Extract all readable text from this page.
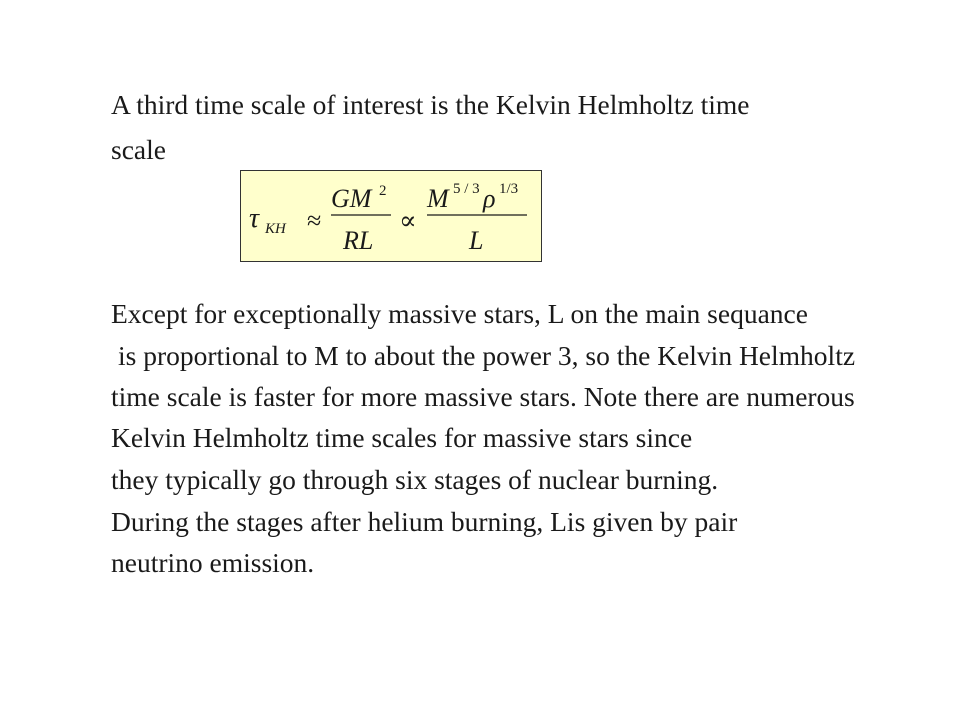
A third time scale of interest is the Kelvin Helmholtz time

scale

τ KH ≈
GM 2
RL
∝
M 5 / 3 ρ 1/3
L

Except for exceptionally massive stars, L on the main sequance

is proportional to M to about the power 3, so the Kelvin Helmholtz

time scale is faster for more massive stars. Note there are numerous

Kelvin Helmholtz time scales for massive stars since

they typically go through six stages of nuclear burning.

During the stages after helium burning, Lis given by pair

neutrino emission.
